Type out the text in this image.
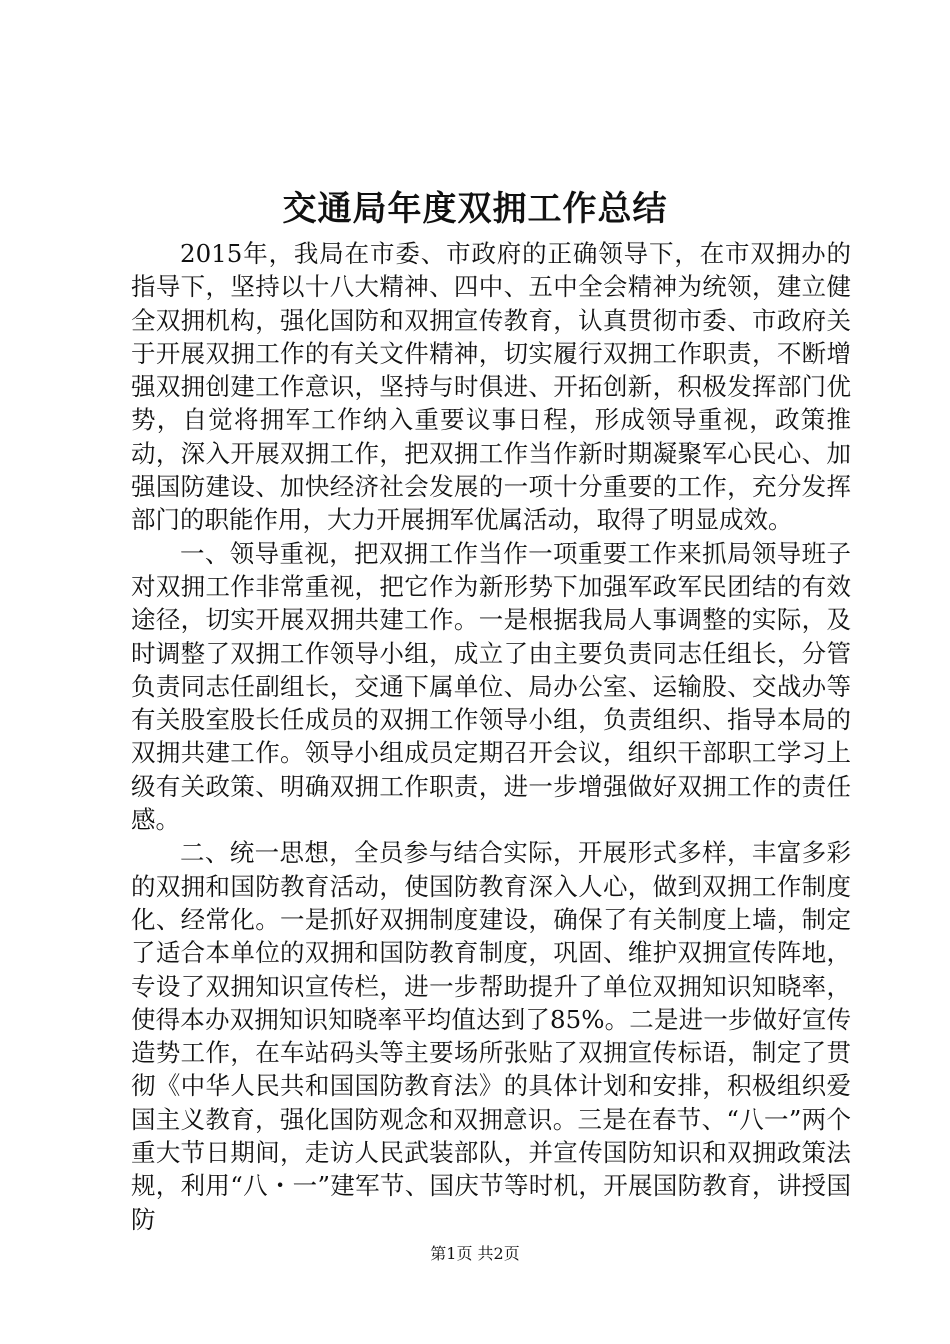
交通局年度双拥工作总结

2015年，我局在市委、市政府的正确领导下，在市双拥办的指导下，坚持以十八大精神、四中、五中全会精神为统领，建立健全双拥机构，强化国防和双拥宣传教育，认真贯彻市委、市政府关于开展双拥工作的有关文件精神，切实履行双拥工作职责，不断增强双拥创建工作意识，坚持与时俱进、开拓创新，积极发挥部门优势，自觉将拥军工作纳入重要议事日程，形成领导重视，政策推动，深入开展双拥工作，把双拥工作当作新时期凝聚军心民心、加强国防建设、加快经济社会发展的一项十分重要的工作，充分发挥部门的职能作用，大力开展拥军优属活动，取得了明显成效。

一、领导重视，把双拥工作当作一项重要工作来抓局领导班子对双拥工作非常重视，把它作为新形势下加强军政军民团结的有效途径，切实开展双拥共建工作。一是根据我局人事调整的实际，及时调整了双拥工作领导小组，成立了由主要负责同志任组长，分管负责同志任副组长，交通下属单位、局办公室、运输股、交战办等有关股室股长任成员的双拥工作领导小组，负责组织、指导本局的双拥共建工作。领导小组成员定期召开会议，组织干部职工学习上级有关政策、明确双拥工作职责，进一步增强做好双拥工作的责任感。

二、统一思想，全员参与结合实际，开展形式多样，丰富多彩的双拥和国防教育活动，使国防教育深入人心，做到双拥工作制度化、经常化。一是抓好双拥制度建设，确保了有关制度上墙，制定了适合本单位的双拥和国防教育制度，巩固、维护双拥宣传阵地，专设了双拥知识宣传栏，进一步帮助提升了单位双拥知识知晓率，使得本办双拥知识知晓率平均值达到了85%。二是进一步做好宣传造势工作，在车站码头等主要场所张贴了双拥宣传标语，制定了贯彻《中华人民共和国国防教育法》的具体计划和安排，积极组织爱国主义教育，强化国防观念和双拥意识。三是在春节、“八一”两个重大节日期间，走访人民武装部队，并宣传国防知识和双拥政策法规，利用“八・一”建军节、国庆节等时机，开展国防教育，讲授国防

第1页 共2页
